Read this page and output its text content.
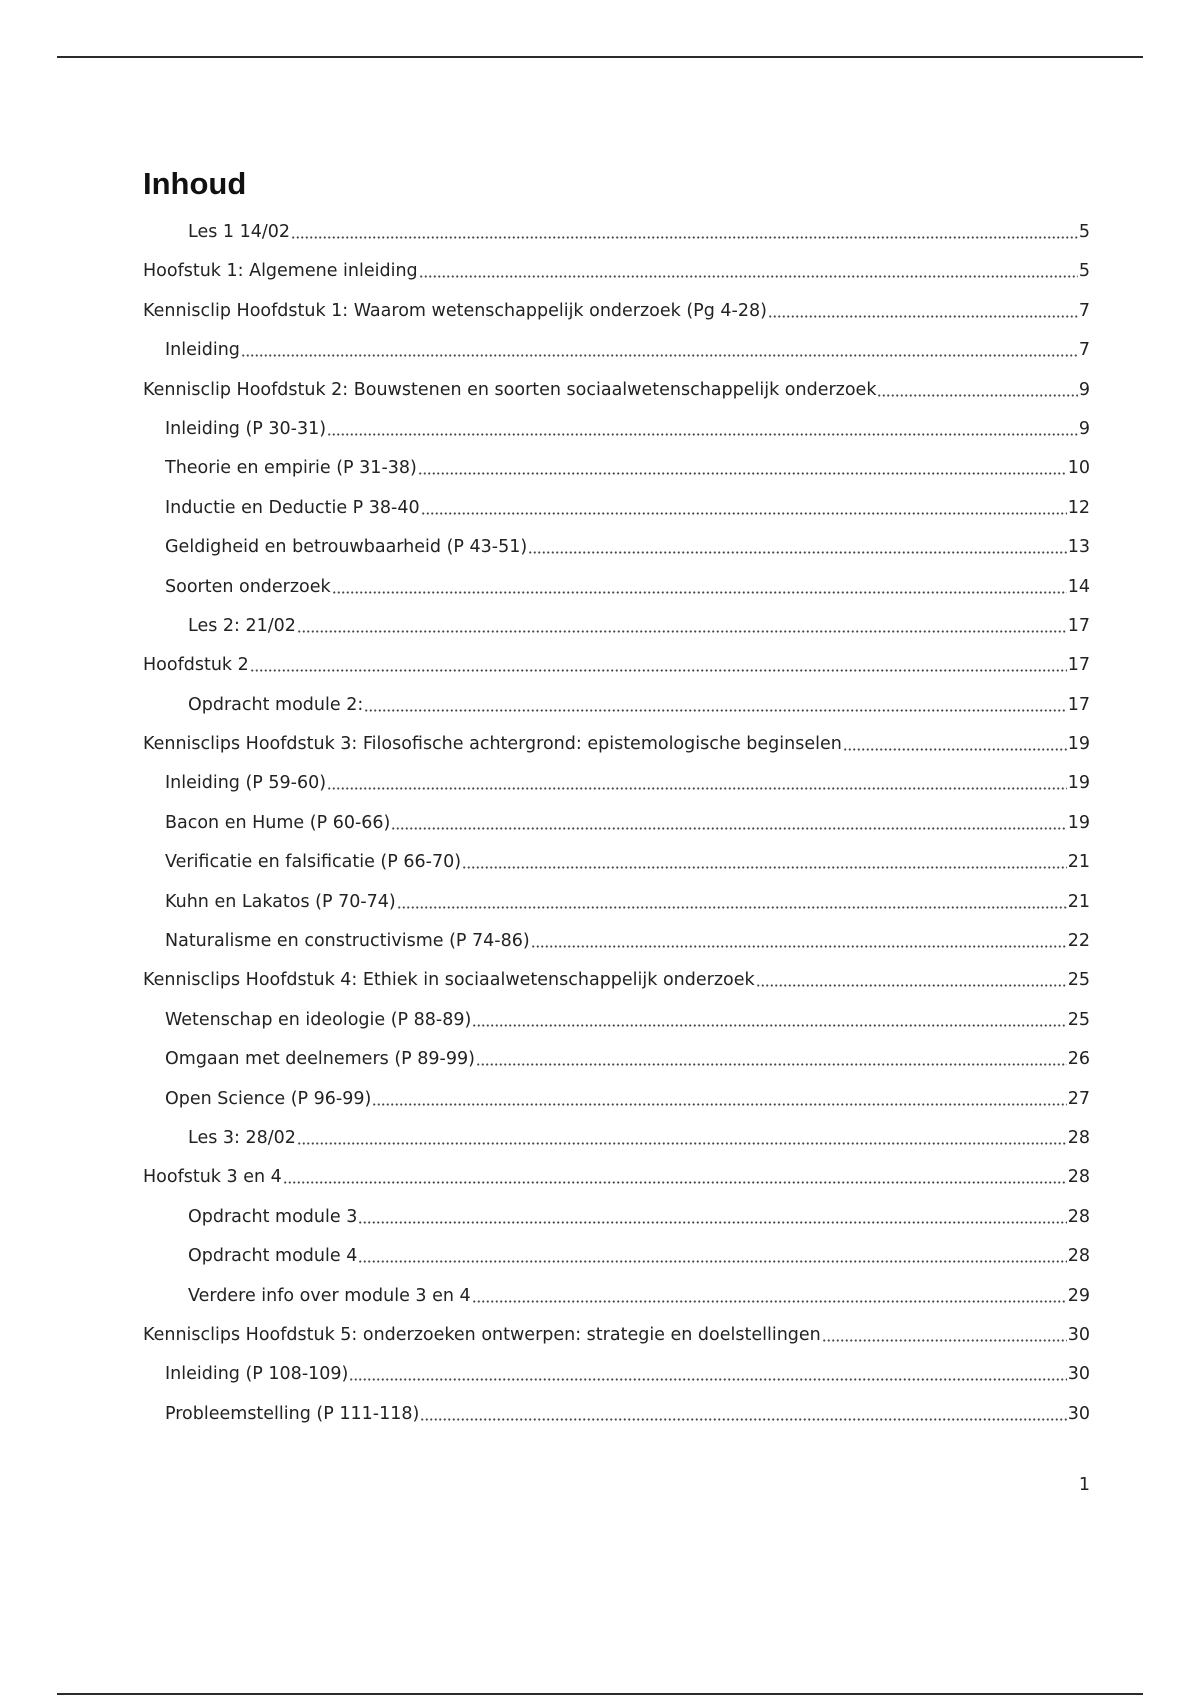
Inhoud
Les 1 14/02	5
Hoofstuk 1: Algemene inleiding	5
Kennisclip Hoofdstuk 1: Waarom wetenschappelijk onderzoek (Pg 4-28)	7
Inleiding	7
Kennisclip Hoofdstuk 2: Bouwstenen en soorten sociaalwetenschappelijk onderzoek	9
Inleiding (P 30-31)	9
Theorie en empirie (P 31-38)	10
Inductie en Deductie P 38-40	12
Geldigheid en betrouwbaarheid (P 43-51)	13
Soorten onderzoek	14
Les 2: 21/02	17
Hoofdstuk 2	17
Opdracht module 2:	17
Kennisclips Hoofdstuk 3: Filosofische achtergrond: epistemologische beginselen	19
Inleiding (P 59-60)	19
Bacon en Hume (P 60-66)	19
Verificatie en falsificatie (P 66-70)	21
Kuhn en Lakatos (P 70-74)	21
Naturalisme en constructivisme (P 74-86)	22
Kennisclips Hoofdstuk 4: Ethiek in sociaalwetenschappelijk onderzoek	25
Wetenschap en ideologie (P 88-89)	25
Omgaan met deelnemers (P 89-99)	26
Open Science (P 96-99)	27
Les 3: 28/02	28
Hoofstuk 3 en 4	28
Opdracht module 3	28
Opdracht module 4	28
Verdere info over module 3 en 4	29
Kennisclips Hoofdstuk 5: onderzoeken ontwerpen: strategie en doelstellingen	30
Inleiding (P 108-109)	30
Probleemstelling (P 111-118)	30
1
